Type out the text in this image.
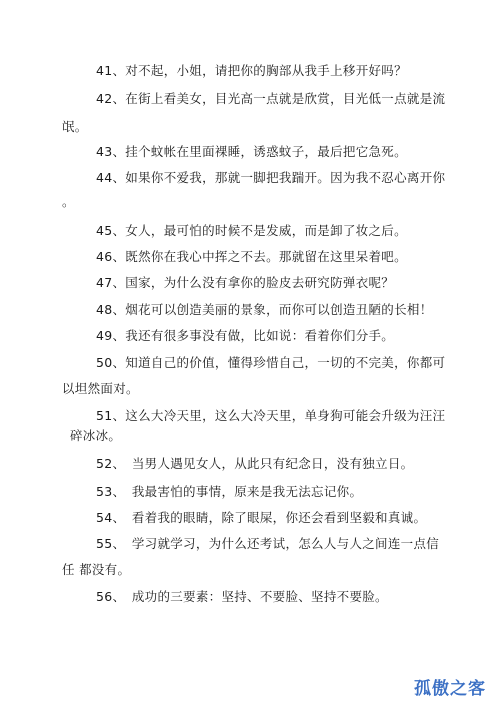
41、对不起，小姐，请把你的胸部从我手上移开好吗？
42、在街上看美女，目光高一点就是欣赏，目光低一点就是流
氓。
43、挂个蚊帐在里面裸睡，诱惑蚊子，最后把它急死。
44、如果你不爱我，那就一脚把我踹开。因为我不忍心离开你
。
45、女人，最可怕的时候不是发威，而是卸了妆之后。
46、既然你在我心中挥之不去。那就留在这里呆着吧。
47、国家，为什么没有拿你的脸皮去研究防弹衣呢？
48、烟花可以创造美丽的景象，而你可以创造丑陋的长相！
49、我还有很多事没有做，比如说：看着你们分手。
50、知道自己的价值，懂得珍惜自己，一切的不完美，你都可
以坦然面对。
51、这么大冷天里，这么大冷天里，单身狗可能会升级为汪汪
碎冰冰。
52、　当男人遇见女人，从此只有纪念日，没有独立日。
53、　我最害怕的事情，原来是我无法忘记你。
54、　看着我的眼睛，除了眼屎，你还会看到坚毅和真诚。
55、　学习就学习，为什么还考试，怎么人与人之间连一点信
任 都没有。
56、　成功的三要素：坚持、不要脸、坚持不要脸。
孤傲之客
